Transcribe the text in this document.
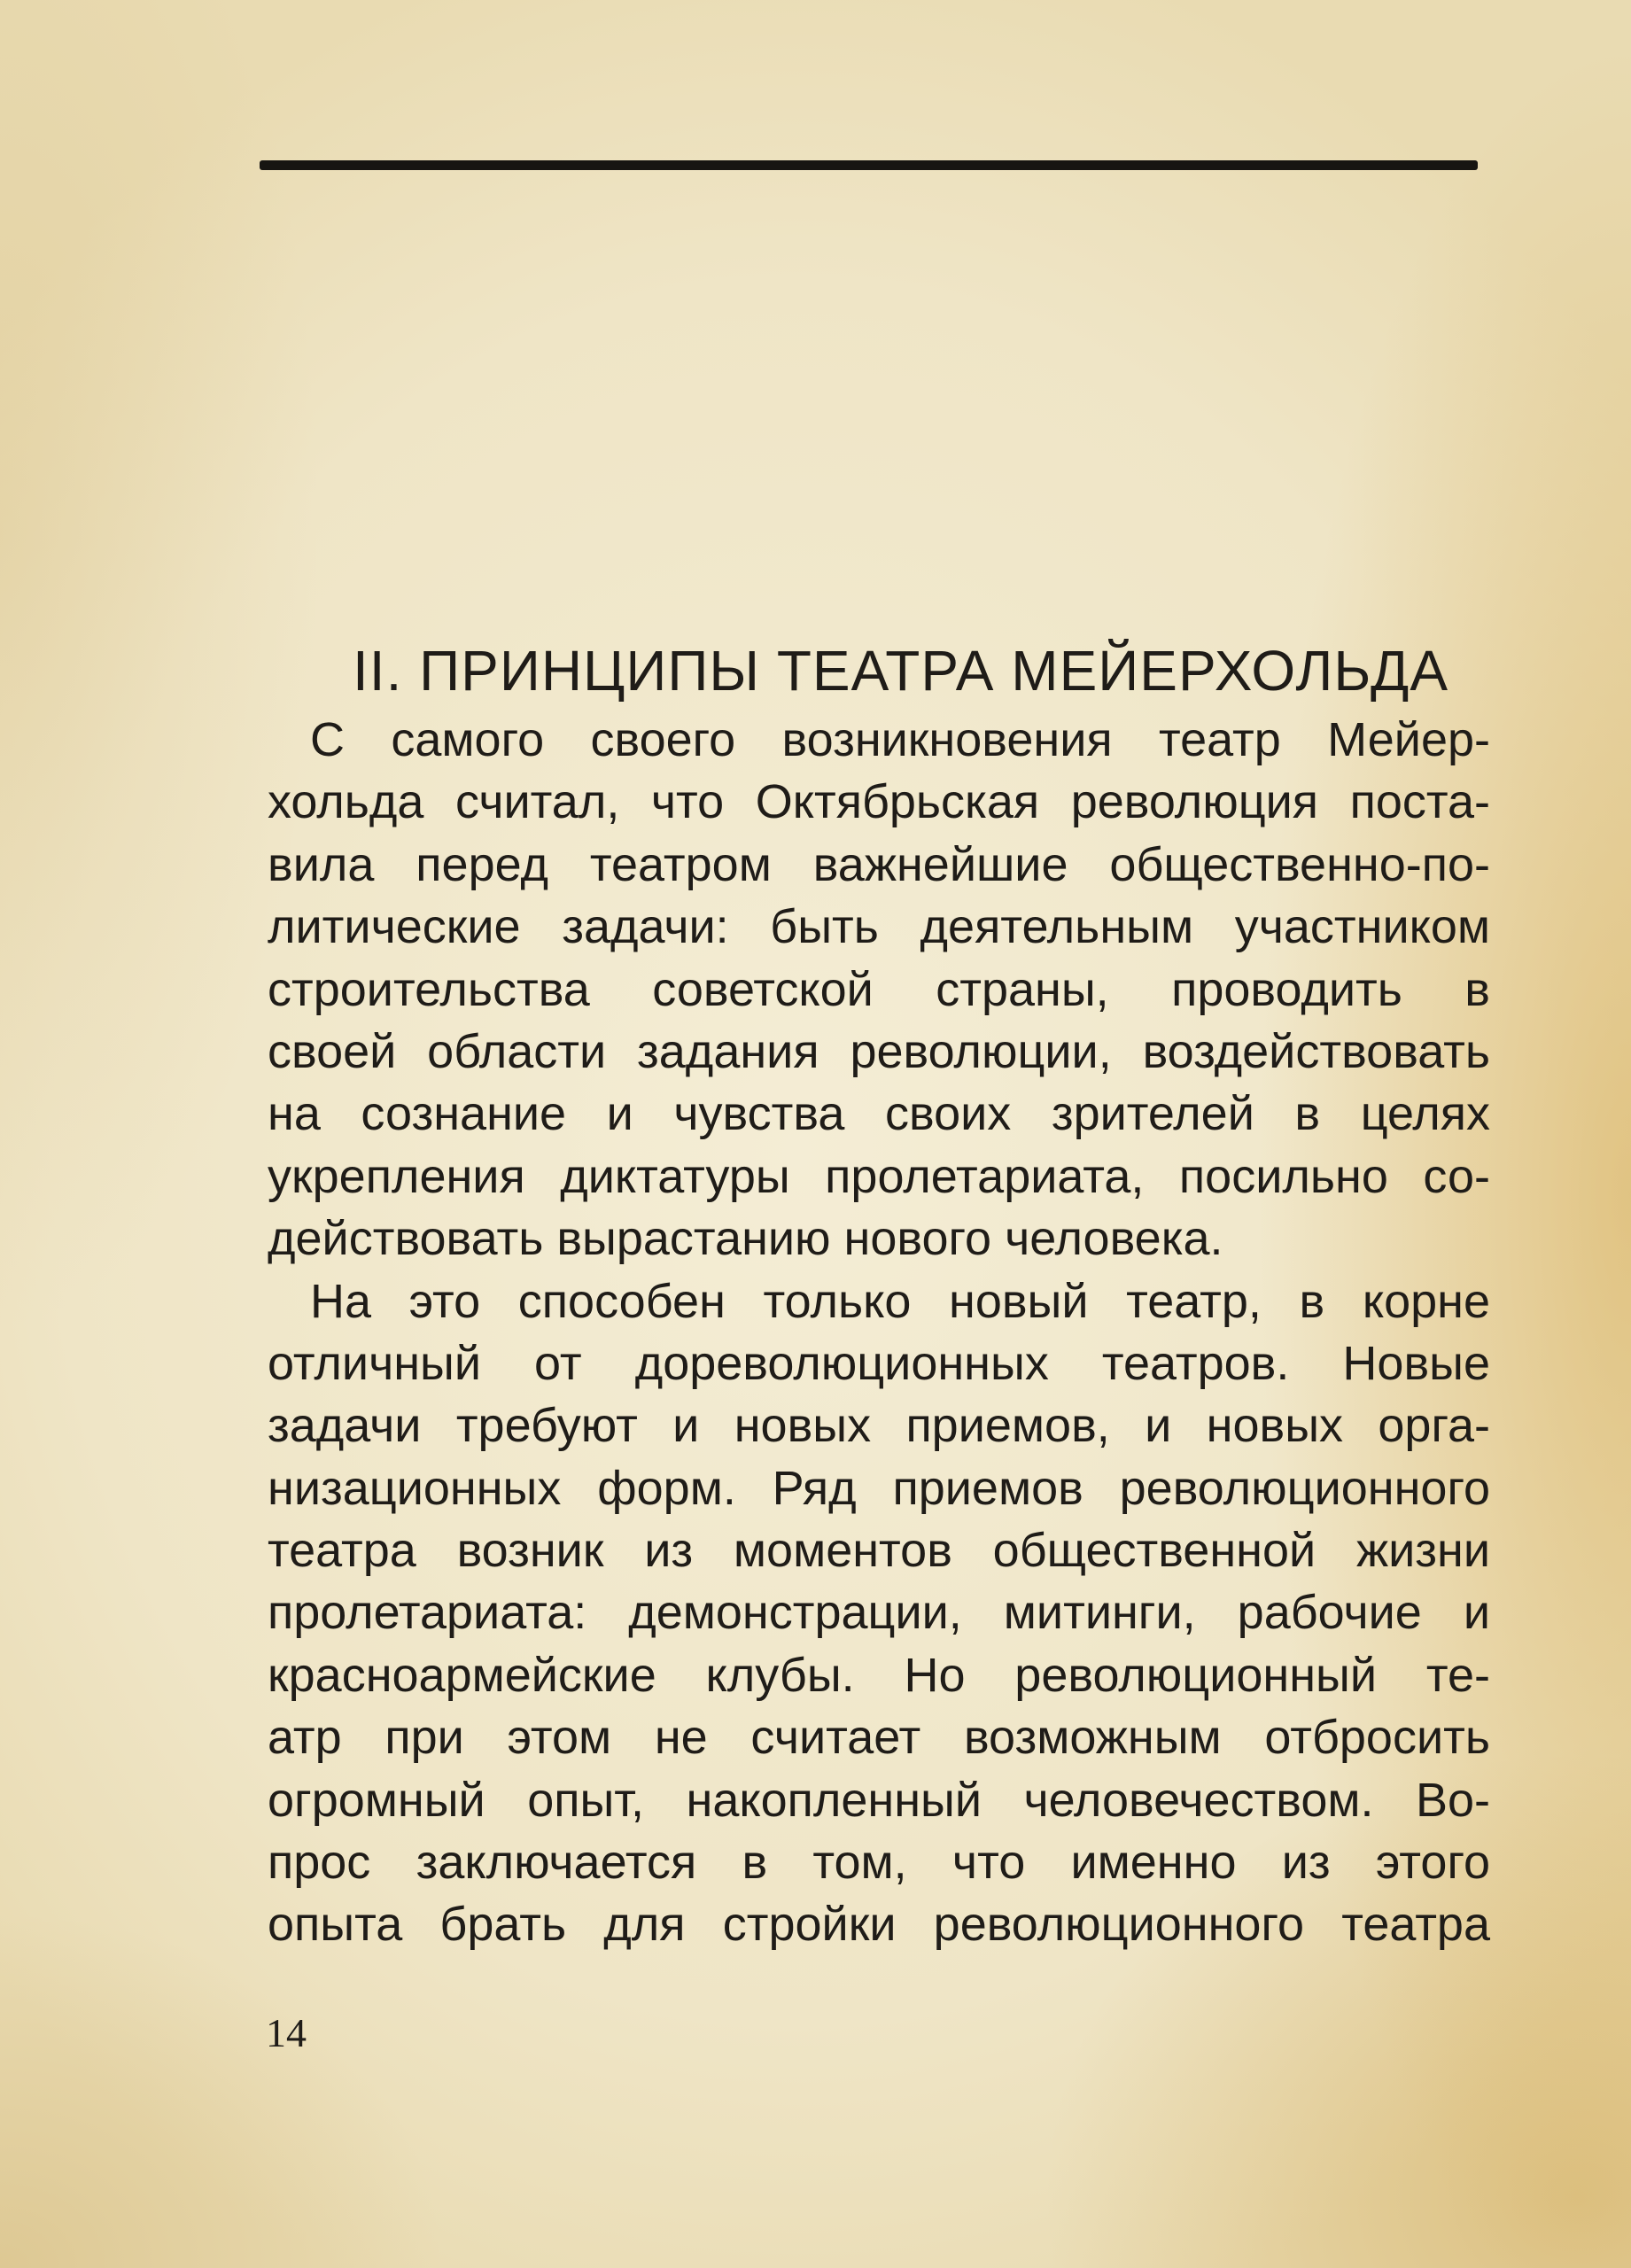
II. ПРИНЦИПЫ ТЕАТРА МЕЙЕРХОЛЬДА
С самого своего возникновения театр Мейер-
хольда считал, что Октябрьская революция поста-
вила перед театром важнейшие общественно-по-
литические задачи: быть деятельным участником
строительства советской страны, проводить в
своей области задания революции, воздействовать
на сознание и чувства своих зрителей в целях
укрепления диктатуры пролетариата, посильно со-
действовать вырастанию нового человека.
На это способен только новый театр, в корне
отличный от дореволюционных театров. Новые
задачи требуют и новых приемов, и новых орга-
низационных форм. Ряд приемов революционного
театра возник из моментов общественной жизни
пролетариата: демонстрации, митинги, рабочие и
красноармейские клубы. Но революционный те-
атр при этом не считает возможным отбросить
огромный опыт, накопленный человечеством. Во-
прос заключается в том, что именно из этого
опыта брать для стройки революционного театра
14
